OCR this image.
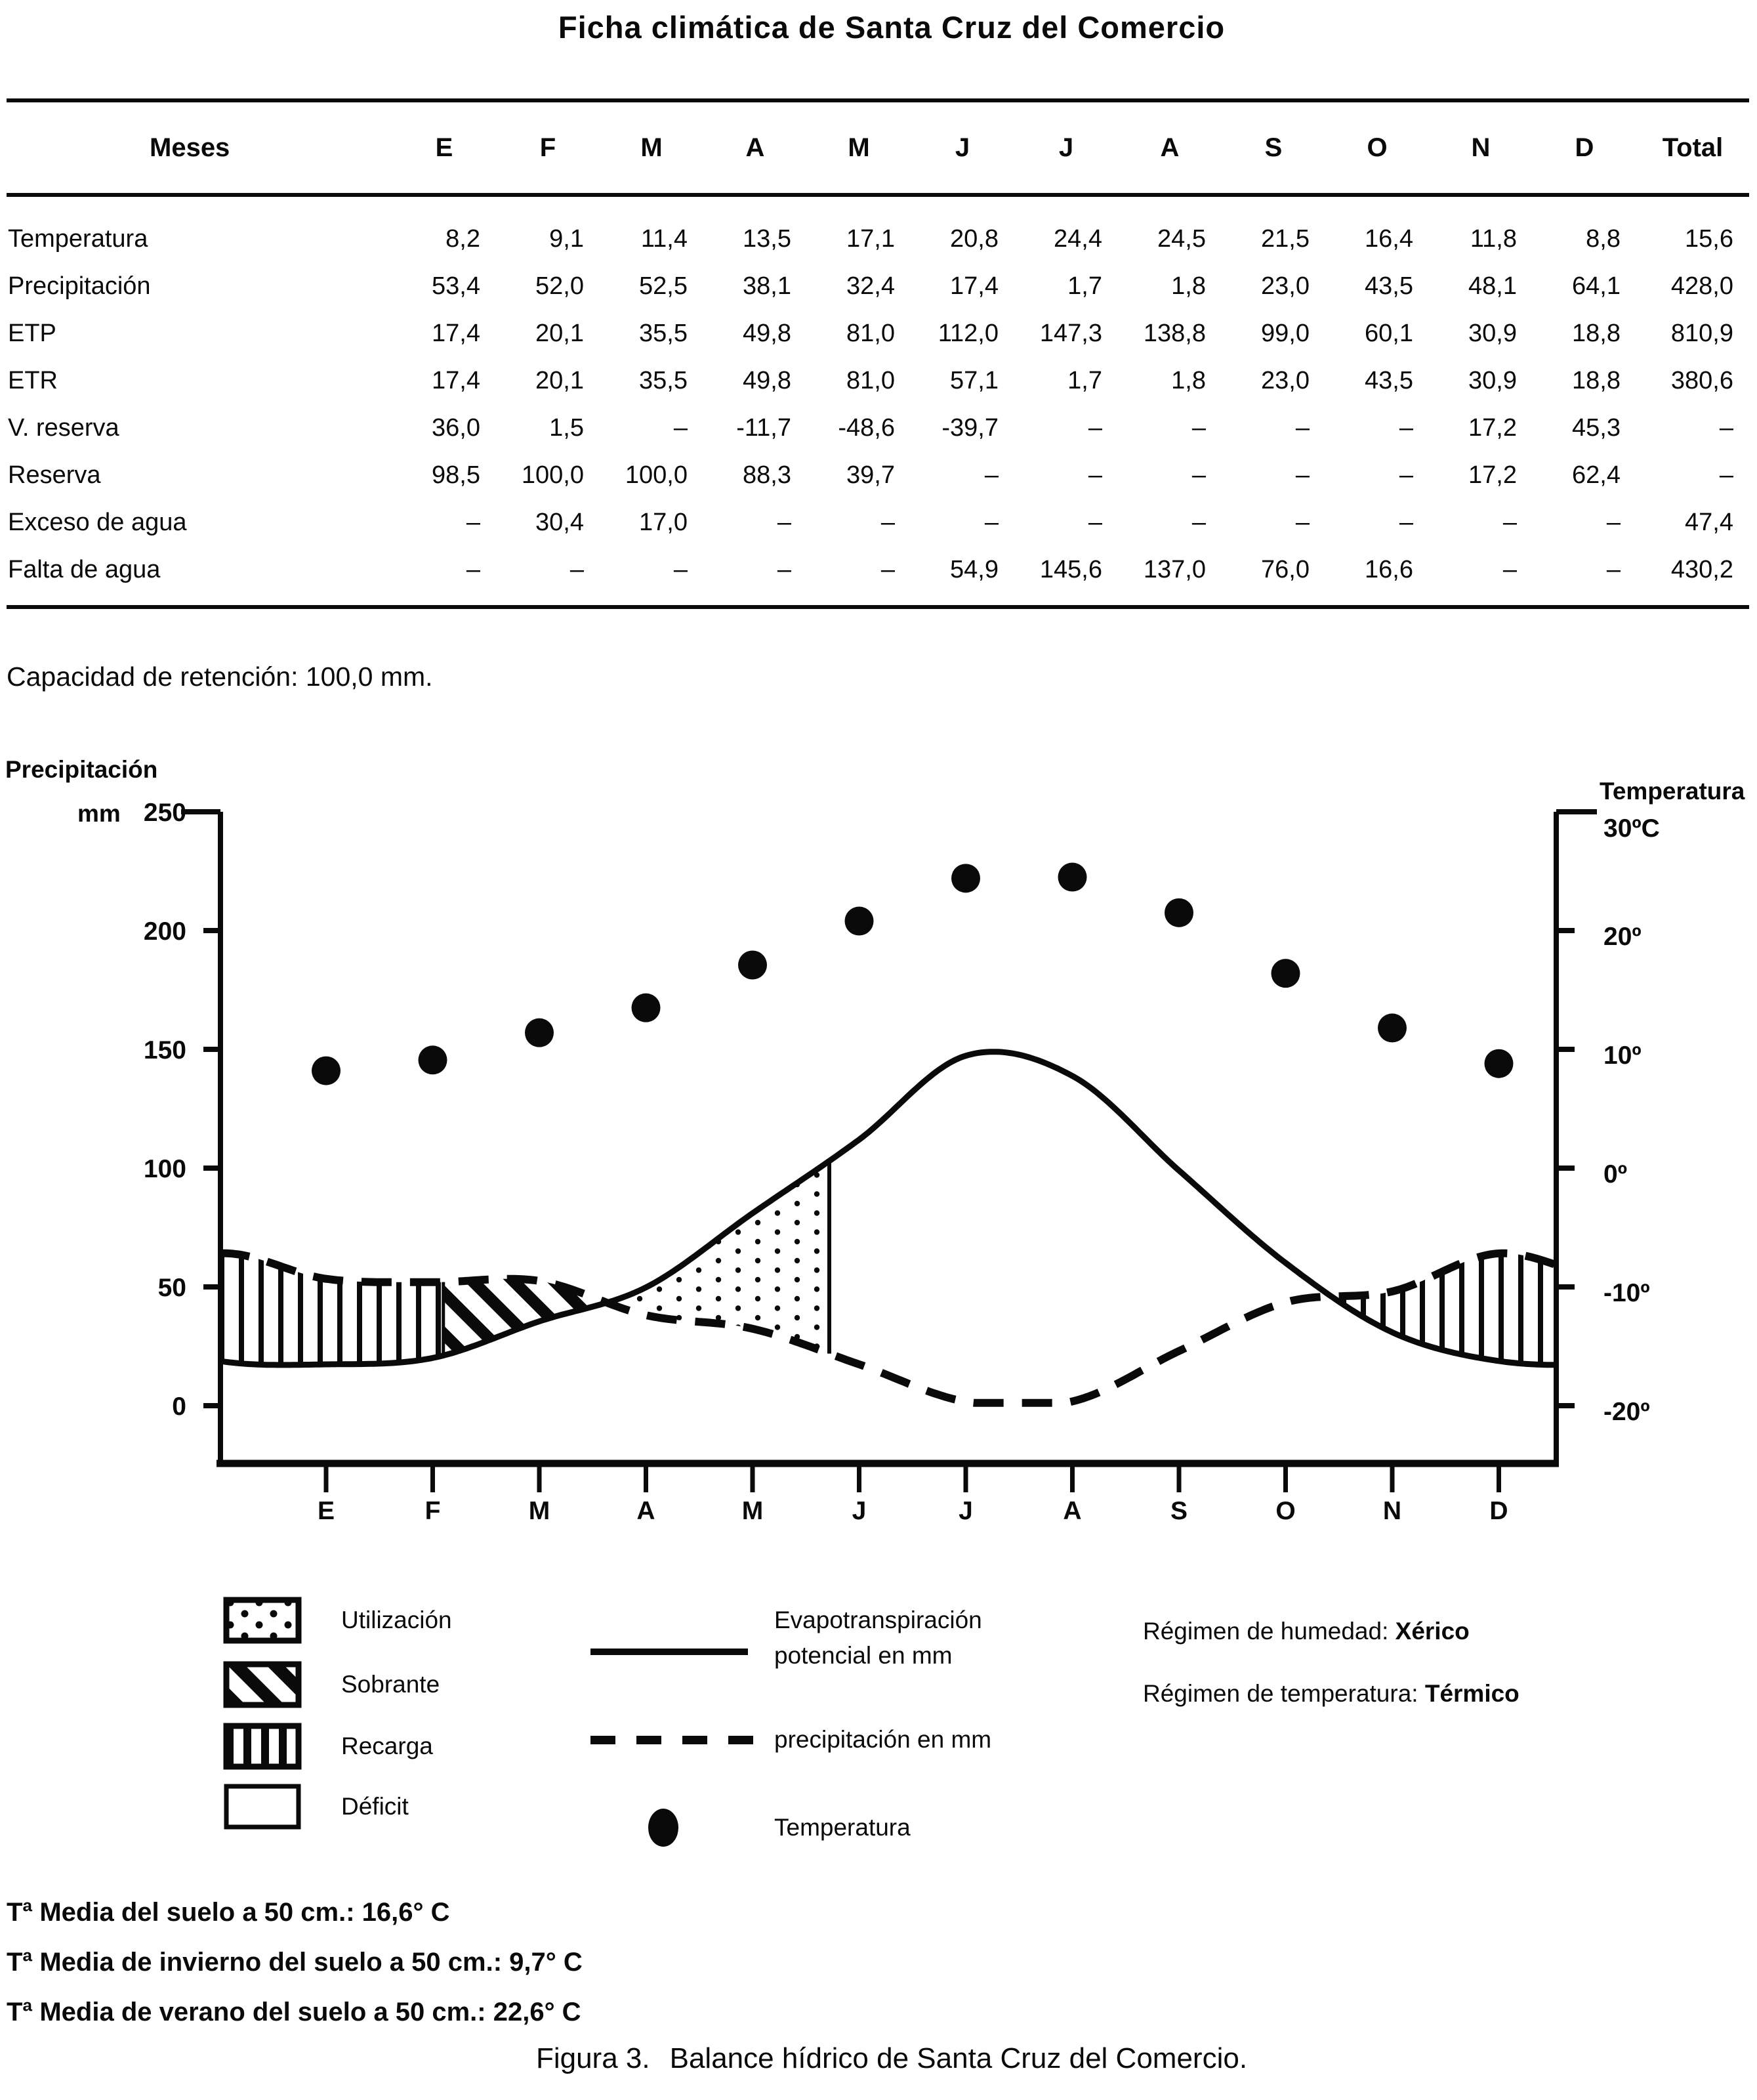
Ficha climática de Santa Cruz del Comercio
Meses	E	F	M	A	M	J	J	A	S	O	N	D	Total
Temperatura	8,2	9,1	11,4	13,5	17,1	20,8	24,4	24,5	21,5	16,4	11,8	8,8	15,6
Precipitación	53,4	52,0	52,5	38,1	32,4	17,4	1,7	1,8	23,0	43,5	48,1	64,1	428,0
ETP	17,4	20,1	35,5	49,8	81,0	112,0	147,3	138,8	99,0	60,1	30,9	18,8	810,9
ETR	17,4	20,1	35,5	49,8	81,0	57,1	1,7	1,8	23,0	43,5	30,9	18,8	380,6
V. reserva	36,0	1,5	–	-11,7	-48,6	-39,7	–	–	–	–	17,2	45,3	–
Reserva	98,5	100,0	100,0	88,3	39,7	–	–	–	–	–	17,2	62,4	–
Exceso de agua	–	30,4	17,0	–	–	–	–	–	–	–	–	–	47,4
Falta de agua	–	–	–	–	–	54,9	145,6	137,0	76,0	16,6	–	–	430,2
Capacidad de retención: 100,0 mm.
250
200
150
100
50
0
Precipitación
mm
30ºC
20º
10º
0º
-10º
-20º
Temperatura
E	F	M	A	M	J	J	A	S	O	N	D
Utilización
Sobrante
Recarga
Déficit
Evapotranspiración
potencial en mm
precipitación en mm
Temperatura
Régimen de humedad: Xérico
Régimen de temperatura: Térmico
Tª Media del suelo a 50 cm.: 16,6° C
Tª Media de invierno del suelo a 50 cm.: 9,7° C
Tª Media de verano del suelo a 50 cm.: 22,6° C
Figura 3. Balance hídrico de Santa Cruz del Comercio.
